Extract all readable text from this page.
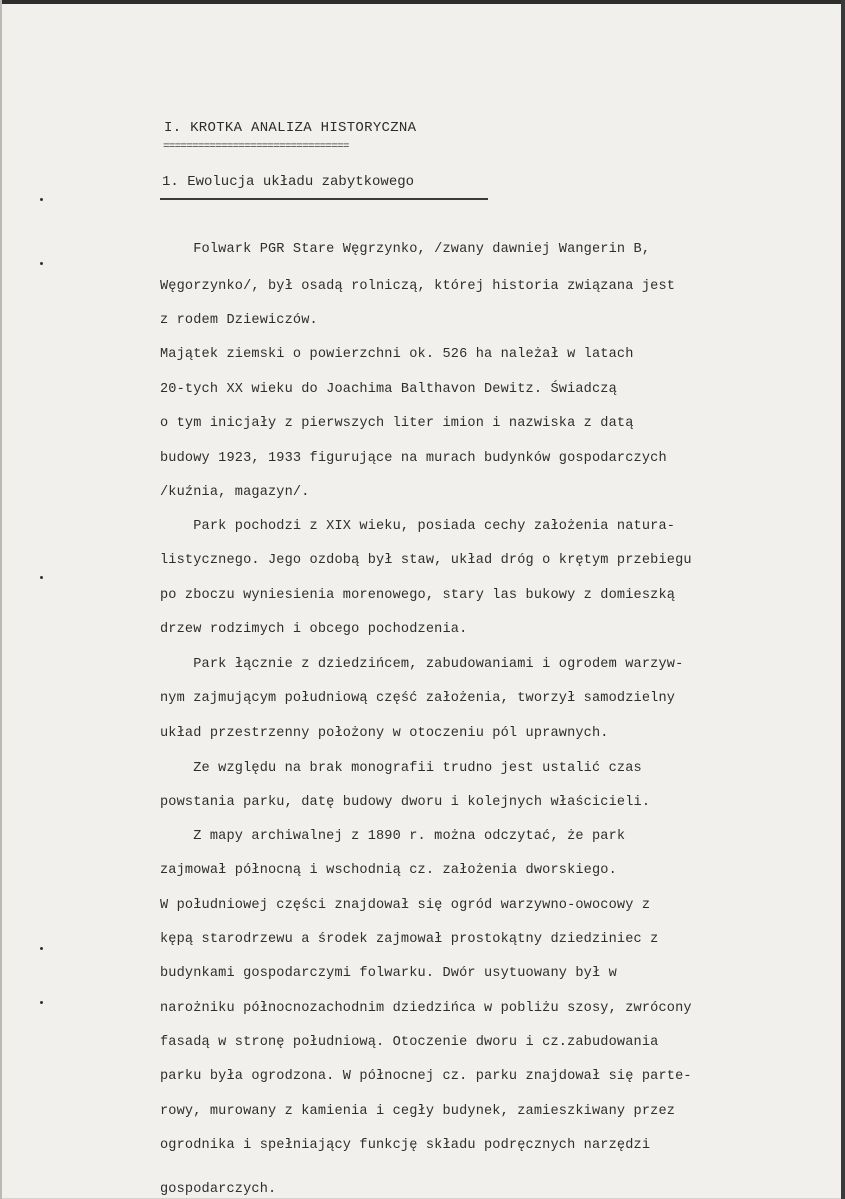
I. KROTKA ANALIZA HISTORYCZNA
================================
1. Ewolucja układu zabytkowego
Folwark PGR Stare Węgrzynko, /zwany dawniej Wangerin B,
Węgorzynko/, był osadą rolniczą, której historia związana jest
z rodem Dziewiczów.
Majątek ziemski o powierzchni ok. 526 ha należał w latach
20-tych XX wieku do Joachima Balthavon Dewitz. Świadczą
o tym inicjały z pierwszych liter imion i nazwiska z datą
budowy 1923, 1933 figurujące na murach budynków gospodarczych
/kuźnia, magazyn/.
Park pochodzi z XIX wieku, posiada cechy założenia natura-
listycznego. Jego ozdobą był staw, układ dróg o krętym przebiegu
po zboczu wyniesienia morenowego, stary las bukowy z domieszką
drzew rodzimych i obcego pochodzenia.
Park łącznie z dziedzińcem, zabudowaniami i ogrodem warzyw-
nym zajmującym południową część założenia, tworzył samodzielny
układ przestrzenny położony w otoczeniu pól uprawnych.
Ze względu na brak monografii trudno jest ustalić czas
powstania parku, datę budowy dworu i kolejnych właścicieli.
Z mapy archiwalnej z 1890 r. można odczytać, że park
zajmował północną i wschodnią cz. założenia dworskiego.
W południowej części znajdował się ogród warzywno-owocowy z
kępą starodrzewu a środek zajmował prostokątny dziedziniec z
budynkami gospodarczymi folwarku. Dwór usytuowany był w
narożniku północnozachodnim dziedzińca w pobliżu szosy, zwrócony
fasadą w stronę południową. Otoczenie dworu i cz.zabudowania
parku była ogrodzona. W północnej cz. parku znajdował się parte-
rowy, murowany z kamienia i cegły budynek, zamieszkiwany przez
ogrodnika i spełniający funkcję składu podręcznych narzędzi
gospodarczych.
